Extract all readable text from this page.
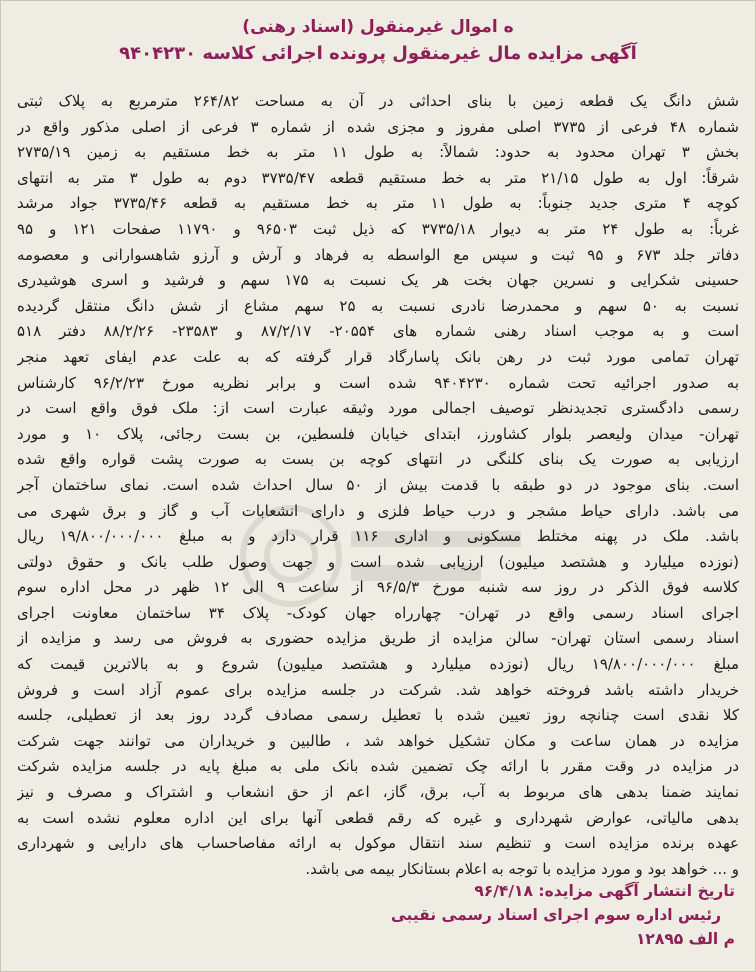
ه اموال غیرمنقول (اسناد رهنی)
آگهی مزایده مال غیرمنقول پرونده اجرائی کلاسه ۹۴۰۴۲۳۰
شش دانگ یک قطعه زمین با بنای احداثی در آن به مساحت ۲۶۴/۸۲ مترمربع به پلاک ثبتی
شماره ۴۸ فرعی از ۳۷۳۵ اصلی مفروز و مجزی شده از شماره ۳ فرعی از اصلی مذکور واقع در
بخش ۳ تهران محدود به حدود: شمالاً: به طول ۱۱ متر به خط مستقیم به زمین ۲۷۳۵/۱۹
شرقاً: اول به طول ۲۱/۱۵ متر به خط مستقیم قطعه ۳۷۳۵/۴۷ دوم به طول ۳ متر به انتهای
کوچه ۴ متری جدید جنوباً: به طول ۱۱ متر به خط مستقیم به قطعه ۳۷۳۵/۴۶ جواد مرشد
غرباً: به طول ۲۴ متر به دیوار ۳۷۳۵/۱۸ که ذیل ثبت ۹۶۵۰۳ و ۱۱۷۹۰ صفحات ۱۲۱ و ۹۵
دفاتر جلد ۶۷۳ و ۹۵ ثبت و سپس مع الواسطه به فرهاد و آرش و آرزو شاهسوارانی و معصومه
حسینی شکرایی و نسرین جهان بخت هر یک نسبت به ۱۷۵ سهم و فرشید و اسری هوشیدری
نسبت به ۵۰ سهم و محمدرضا نادری نسبت به ۲۵ سهم مشاع از شش دانگ منتقل گردیده
است و به موجب اسناد رهنی شماره های ۲۰۵۵۴- ۸۷/۲/۱۷ و ۲۳۵۸۳- ۸۸/۲/۲۶ دفتر ۵۱۸
تهران تمامی مورد ثبت در رهن بانک پاسارگاد قرار گرفته که به علت عدم ایفای تعهد منجر
به صدور اجرائیه تحت شماره ۹۴۰۴۲۳۰ شده است و برابر نظریه مورخ ۹۶/۲/۲۳ کارشناس
رسمی دادگستری تجدیدنظر توصیف اجمالی مورد وثیقه عبارت است از: ملک فوق واقع است در
تهران- میدان ولیعصر بلوار کشاورز، ابتدای خیابان فلسطین، بن بست رجائی، پلاک ۱۰ و مورد
ارزیابی به صورت یک بنای کلنگی در انتهای کوچه بن بست به صورت پشت قواره واقع شده
است. بنای موجود در دو طبقه با قدمت بیش از ۵۰ سال احداث شده است. نمای ساختمان آجر
می باشد. دارای حیاط مشجر و درب حیاط فلزی و دارای انشعابات آب و گاز و برق شهری می
باشد. ملک در پهنه مختلط مسکونی و اداری ۱۱۶ قرار دارد و به مبلغ ۱۹/۸۰۰/۰۰۰/۰۰۰ ریال
(نوزده میلیارد و هشتصد میلیون) ارزیابی شده است و جهت وصول طلب بانک و حقوق دولتی
کلاسه فوق الذکر در روز سه شنبه مورخ ۹۶/۵/۳ از ساعت ۹ الی ۱۲ ظهر در محل اداره سوم
اجرای اسناد رسمی واقع در تهران- چهارراه جهان کودک- پلاک ۳۴ ساختمان معاونت اجرای
اسناد رسمی استان تهران- سالن مزایده از طریق مزایده حضوری به فروش می رسد و مزایده از
مبلغ ۱۹/۸۰۰/۰۰۰/۰۰۰ ریال (نوزده میلیارد و هشتصد میلیون) شروع و به بالاترین قیمت که
خریدار داشته باشد فروخته خواهد شد. شرکت در جلسه مزایده برای عموم آزاد است و فروش
کلا نقدی است چنانچه روز تعیین شده با تعطیل رسمی مصادف گردد روز بعد از تعطیلی، جلسه
مزایده در همان ساعت و مکان تشکیل خواهد شد ، طالبین و خریداران می توانند جهت شرکت
در مزایده در وقت مقرر با ارائه چک تضمین شده بانک ملی به مبلغ پایه در جلسه مزایده شرکت
نمایند ضمنا بدهی های مربوط به آب، برق، گاز، اعم از حق انشعاب و اشتراک و مصرف و نیز
بدهی مالیاتی، عوارض شهرداری و غیره که رقم قطعی آنها برای این اداره معلوم نشده است به
عهده برنده مزایده است و تنظیم سند انتقال موکول به ارائه مفاصاحساب های دارایی و شهرداری
و ... خواهد بود و مورد مزایده با توجه به اعلام بستانکار بیمه می باشد.
تاریخ انتشار آگهی مزایده: ۹۶/۴/۱۸
رئیس اداره سوم اجرای اسناد رسمی نقیبی
م الف ۱۲۸۹۵
